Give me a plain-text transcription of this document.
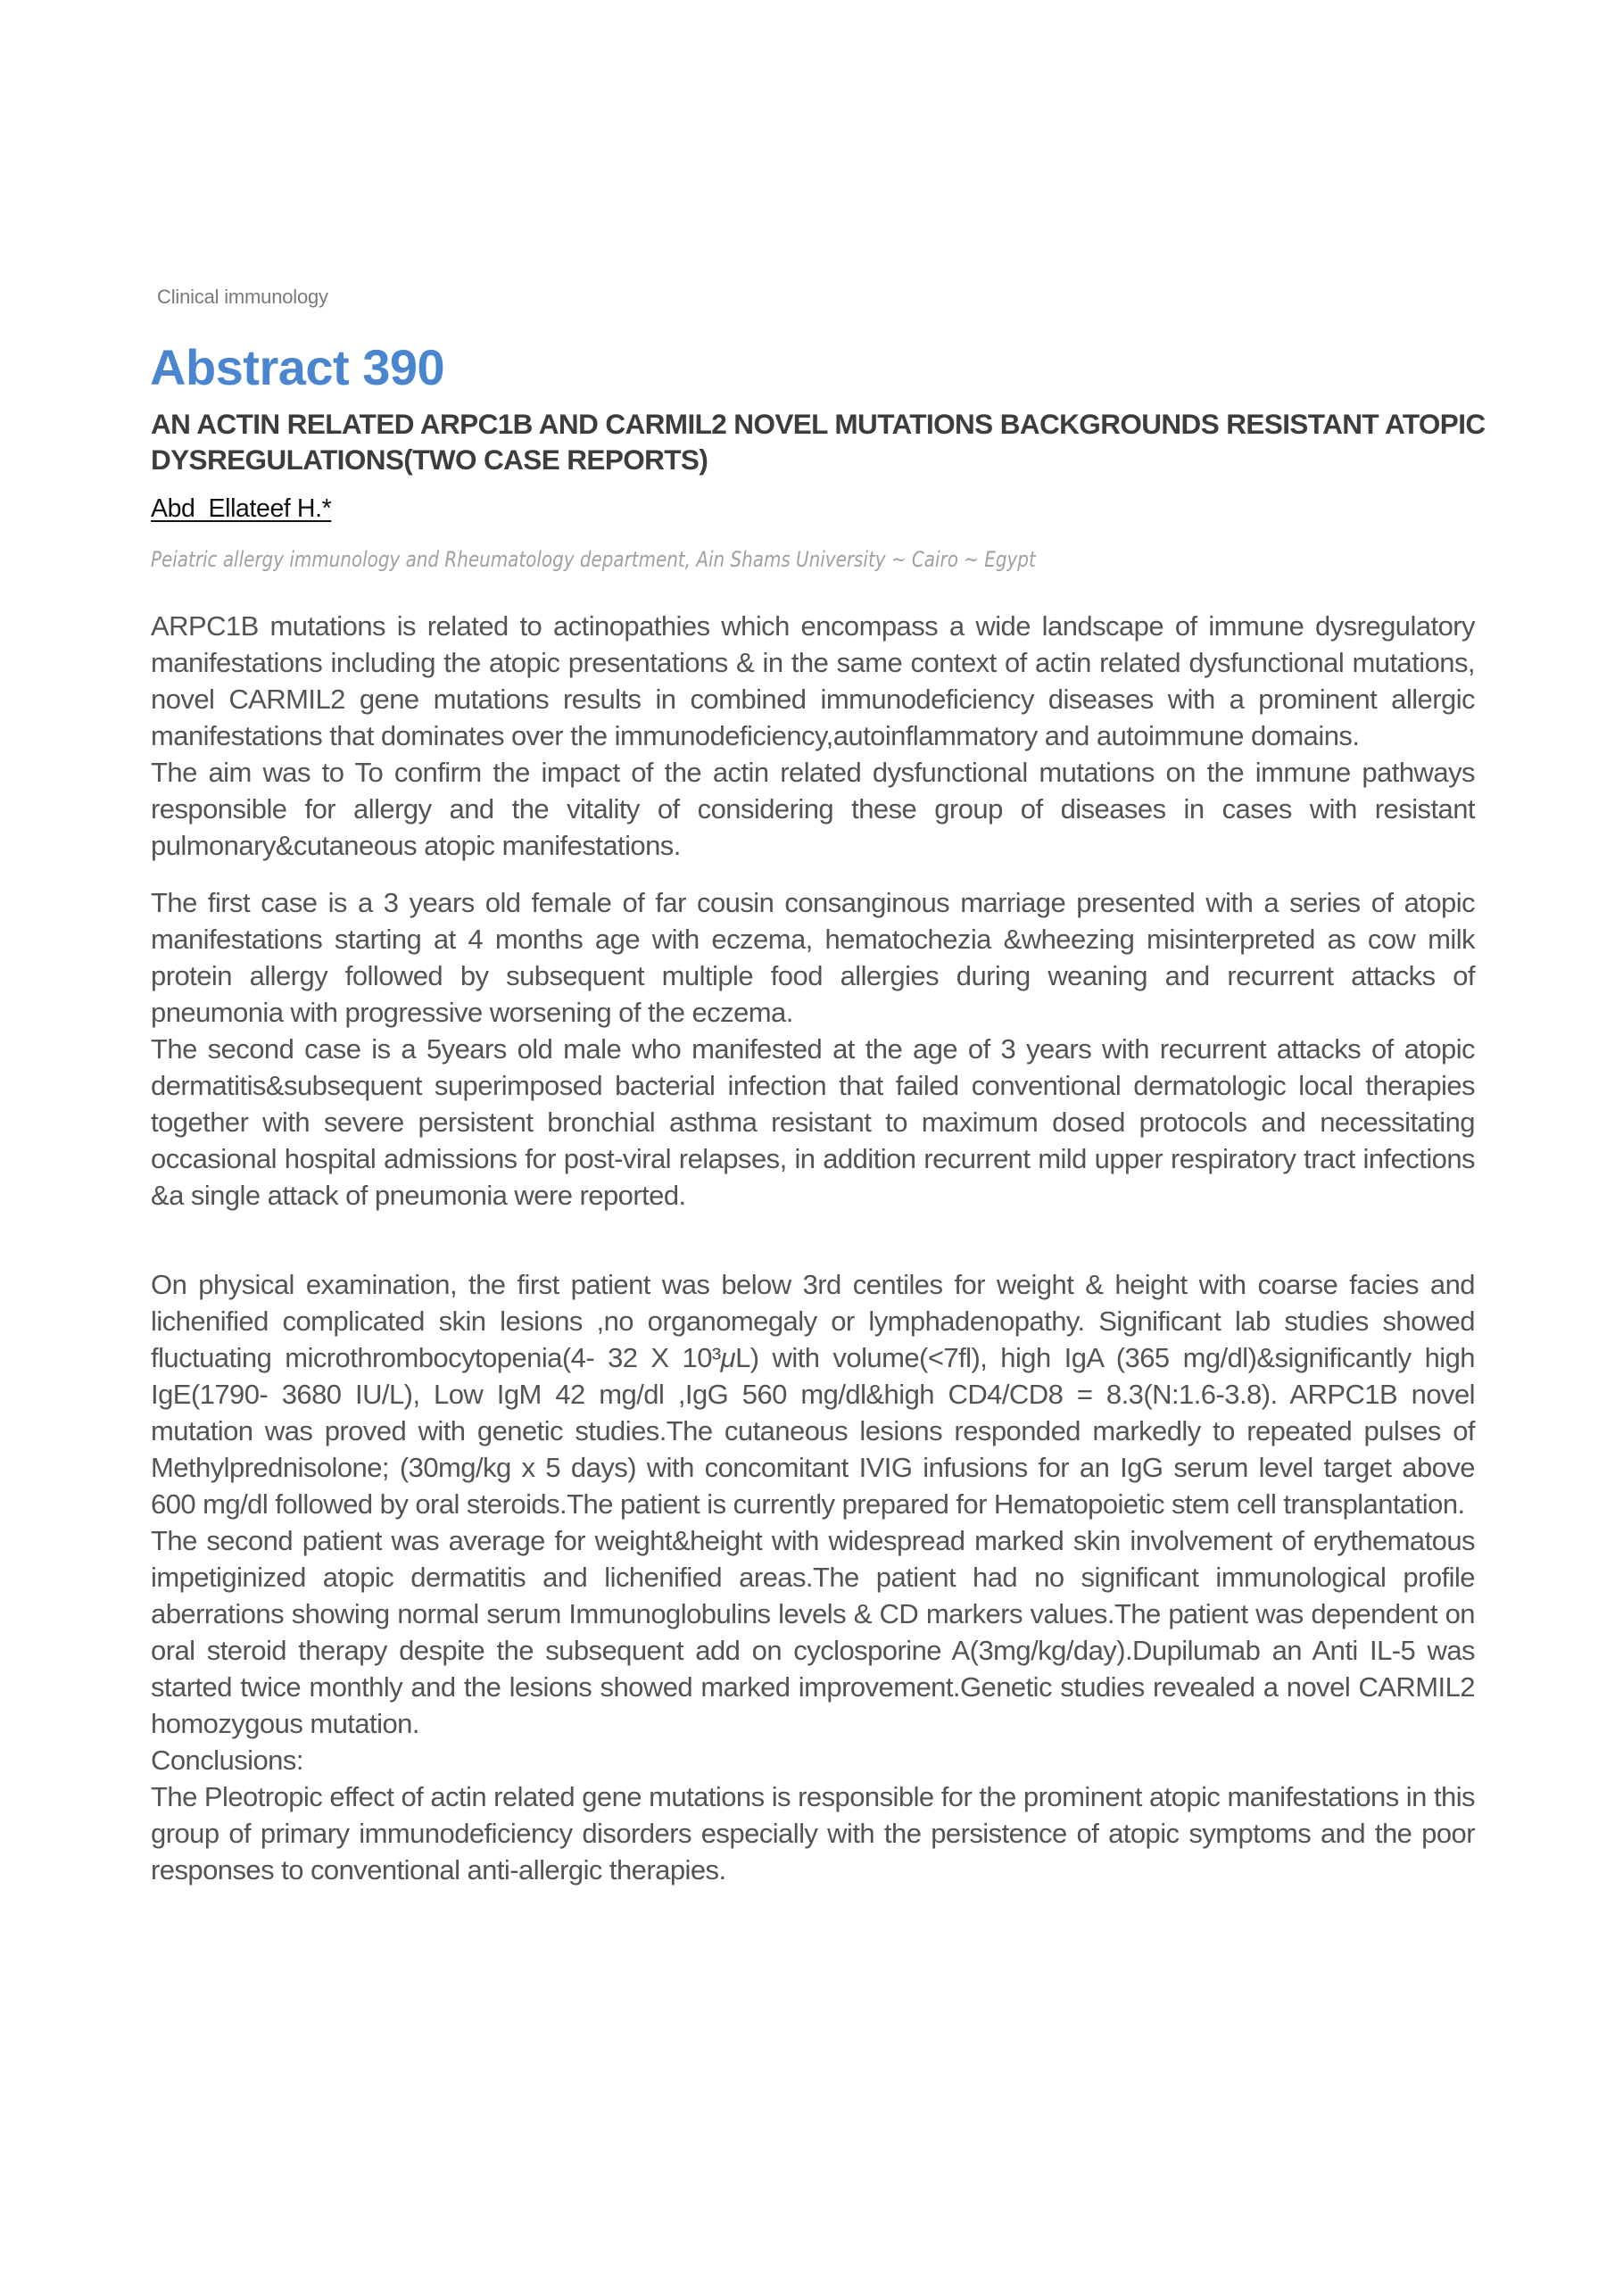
Clinical immunology
Abstract 390
AN ACTIN RELATED ARPC1B AND CARMIL2 NOVEL MUTATIONS BACKGROUNDS RESISTANT ATOPIC DYSREGULATIONS(TWO CASE REPORTS)
Abd  Ellateef H.*
Peiatric allergy immunology and Rheumatology department, Ain Shams University ~ Cairo ~ Egypt

ARPC1B mutations is related to actinopathies which encompass a wide landscape of immune dysregulatory manifestations including the atopic presentations & in the same context of actin related dysfunctional mutations, novel CARMIL2 gene mutations results in combined immunodeficiency diseases with a prominent allergic manifestations that dominates over the immunodeficiency,autoinflammatory and autoimmune domains.

The aim was to To confirm the impact of the actin related dysfunctional mutations on the immune pathways responsible for allergy and the vitality of considering these group of diseases in cases with resistant pulmonary&cutaneous atopic manifestations.

The first case is a 3 years old female of far cousin consanginous marriage presented with a series of atopic manifestations starting at 4 months age with eczema, hematochezia &wheezing misinterpreted as cow milk protein allergy followed by subsequent multiple food allergies during weaning and recurrent attacks of pneumonia with progressive worsening of the eczema.

The second case is a 5years old male who manifested at the age of 3 years with recurrent attacks of atopic dermatitis&subsequent superimposed bacterial infection that failed conventional dermatologic local therapies together with severe persistent bronchial asthma resistant to maximum dosed protocols and necessitating occasional hospital admissions for post-viral relapses, in addition recurrent mild upper respiratory tract infections &a single attack of pneumonia were reported.

On physical examination, the first patient was below 3rd centiles for weight & height with coarse facies and lichenified complicated skin lesions ,no organomegaly or lymphadenopathy. Significant lab studies showed fluctuating microthrombocytopenia(4- 32 X 10³μL) with volume(<7fl), high IgA (365 mg/dl)&significantly high IgE(1790- 3680 IU/L), Low IgM 42 mg/dl ,IgG 560 mg/dl&high CD4/CD8 = 8.3(N:1.6-3.8). ARPC1B novel mutation was proved with genetic studies.The cutaneous lesions responded markedly to repeated pulses of Methylprednisolone; (30mg/kg x 5 days) with concomitant IVIG infusions for an IgG serum level target above 600 mg/dl followed by oral steroids.The patient is currently prepared for Hematopoietic stem cell transplantation.

The second patient was average for weight&height with widespread marked skin involvement of erythematous impetiginized atopic dermatitis and lichenified areas.The patient had no significant immunological profile aberrations showing normal serum Immunoglobulins levels & CD markers values.The patient was dependent on oral steroid therapy despite the subsequent add on cyclosporine A(3mg/kg/day).Dupilumab an Anti IL-5 was started twice monthly and the lesions showed marked improvement.Genetic studies revealed a novel CARMIL2 homozygous mutation.

Conclusions:

The Pleotropic effect of actin related gene mutations is responsible for the prominent atopic manifestations in this group of primary immunodeficiency disorders especially with the persistence of atopic symptoms and the poor responses to conventional anti-allergic therapies.
